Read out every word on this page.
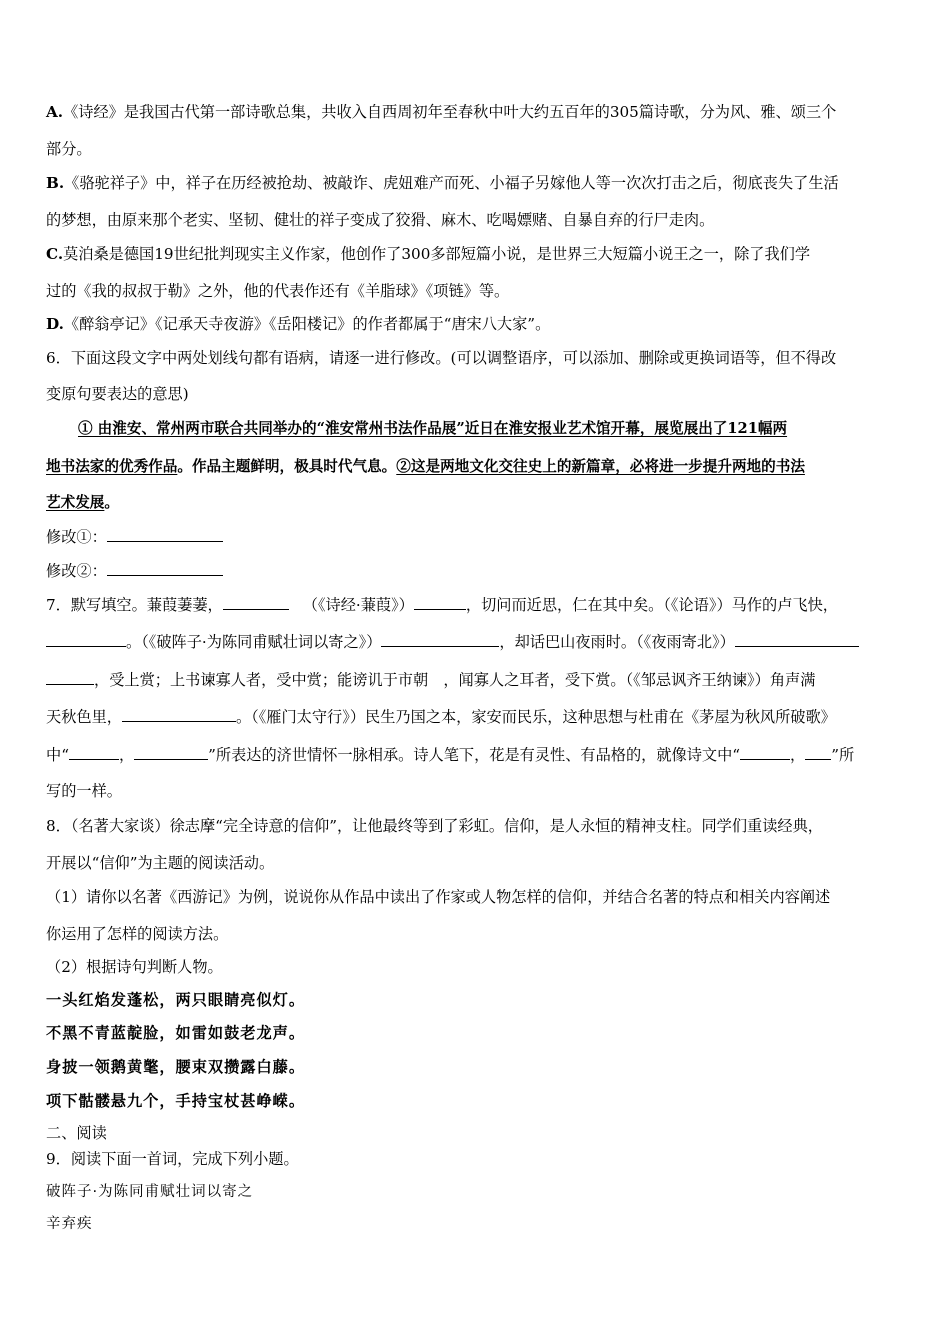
A.《诗经》是我国古代第一部诗歌总集，共收入自西周初年至春秋中叶大约五百年的305篇诗歌，分为风、雅、颂三个
部分。
B.《骆驼祥子》中，祥子在历经被抢劫、被敲诈、虎妞难产而死、小福子另嫁他人等一次次打击之后，彻底丧失了生活
的梦想，由原来那个老实、坚韧、健壮的祥子变成了狡猾、麻木、吃喝嫖赌、自暴自弃的行尸走肉。
C.莫泊桑是德国19世纪批判现实主义作家，他创作了300多部短篇小说，是世界三大短篇小说王之一，除了我们学
过的《我的叔叔于勒》之外，他的代表作还有《羊脂球》《项链》等。
D.《醉翁亭记》《记承天寺夜游》《岳阳楼记》的作者都属于“唐宋八大家”。
6．下面这段文字中两处划线句都有语病，请逐一进行修改。(可以调整语序，可以添加、删除或更换词语等，但不得改
变原句要表达的意思)
① 由淮安、常州两市联合共同举办的“淮安常州书法作品展”近日在淮安报业艺术馆开幕，展览展出了121幅两
地书法家的优秀作品。作品主题鲜明，极具时代气息。②这是两地文化交往史上的新篇章，必将进一步提升两地的书法
艺术发展。
修改①：
修改②：
7．默写填空。蒹葭萋萋，	（《诗经·蒹葭》）	，切问而近思，仁在其中矣。（《论语》）马作的卢飞快，
。（《破阵子·为陈同甫赋壮词以寄之》）	，却话巴山夜雨时。（《夜雨寄北》）
，受上赏；上书谏寡人者，受中赏；能谤讥于市朝　，闻寡人之耳者，受下赏。（《邹忌讽齐王纳谏》）角声满
天秋色里，	。（《雁门太守行》）民生乃国之本，家安而民乐，这种思想与杜甫在《茅屋为秋风所破歌》
中“	，	”所表达的济世情怀一脉相承。诗人笔下，花是有灵性、有品格的，就像诗文中“	， ”所
写的一样。
8．（名著大家谈）徐志摩“完全诗意的信仰”，让他最终等到了彩虹。信仰，是人永恒的精神支柱。同学们重读经典，
开展以“信仰”为主题的阅读活动。
（1）请你以名著《西游记》为例，说说你从作品中读出了作家或人物怎样的信仰，并结合名著的特点和相关内容阐述
你运用了怎样的阅读方法。
（2）根据诗句判断人物。
一头红焰发蓬松，两只眼睛亮似灯。
不黑不青蓝靛脸，如雷如鼓老龙声。
身披一领鹅黄氅，腰束双攒露白藤。
项下骷髅悬九个，手持宝杖甚峥嵘。
二、阅读
9．阅读下面一首词，完成下列小题。
破阵子·为陈同甫赋壮词以寄之
辛弃疾
